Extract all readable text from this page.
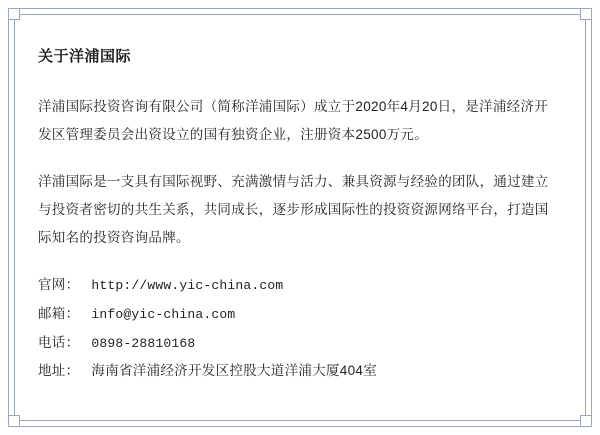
关于洋浦国际

洋浦国际投资咨询有限公司（简称洋浦国际）成立于2020年4月20日，是洋浦经济开发区管理委员会出资设立的国有独资企业，注册资本2500万元。

洋浦国际是一支具有国际视野、充满激情与活力、兼具资源与经验的团队，通过建立与投资者密切的共生关系，共同成长，逐步形成国际性的投资资源网络平台，打造国际知名的投资咨询品牌。

官网： http://www.yic-china.com
邮箱： info@yic-china.com
电话： 0898-28810168
地址： 海南省洋浦经济开发区控股大道洋浦大厦404室
